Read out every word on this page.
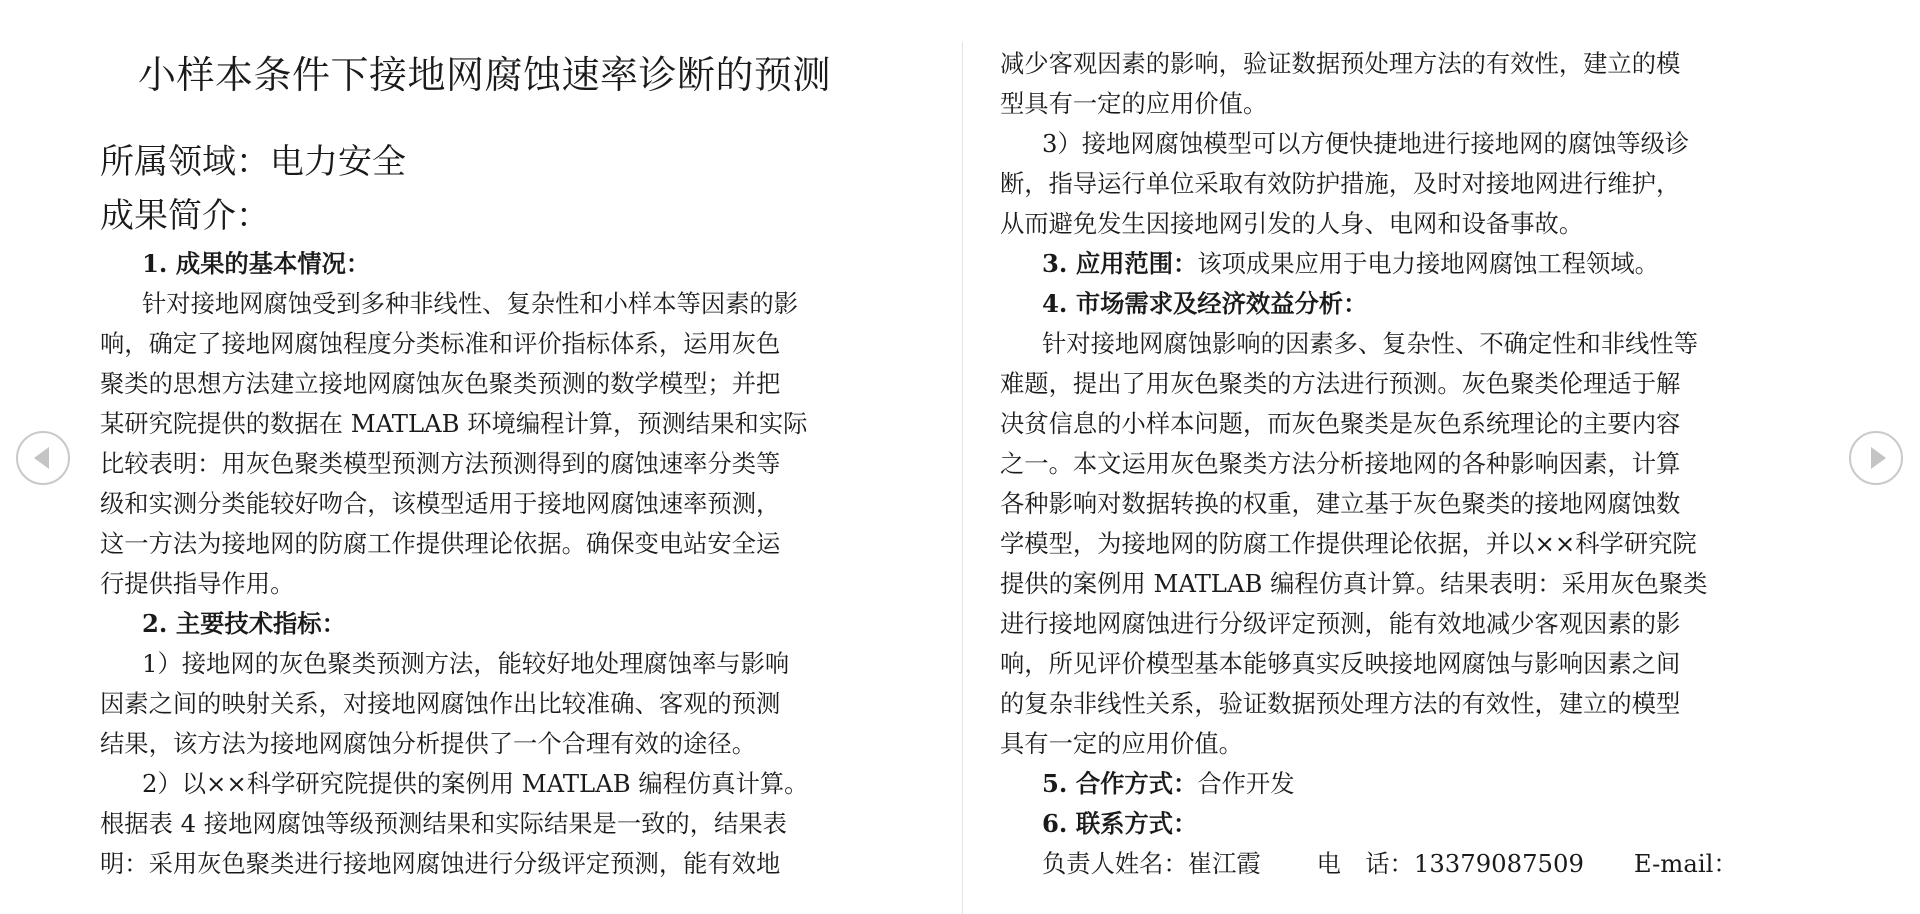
小样本条件下接地网腐蚀速率诊断的预测
所属领域：电力安全
成果简介：
1. 成果的基本情况：
针对接地网腐蚀受到多种非线性、复杂性和小样本等因素的影
响，确定了接地网腐蚀程度分类标准和评价指标体系，运用灰色
聚类的思想方法建立接地网腐蚀灰色聚类预测的数学模型；并把
某研究院提供的数据在 MATLAB 环境编程计算，预测结果和实际
比较表明：用灰色聚类模型预测方法预测得到的腐蚀速率分类等
级和实测分类能较好吻合，该模型适用于接地网腐蚀速率预测，
这一方法为接地网的防腐工作提供理论依据。确保变电站安全运
行提供指导作用。
2. 主要技术指标：
1）接地网的灰色聚类预测方法，能较好地处理腐蚀率与影响
因素之间的映射关系，对接地网腐蚀作出比较准确、客观的预测
结果，该方法为接地网腐蚀分析提供了一个合理有效的途径。
2）以××科学研究院提供的案例用 MATLAB 编程仿真计算。
根据表 4 接地网腐蚀等级预测结果和实际结果是一致的，结果表
明：采用灰色聚类进行接地网腐蚀进行分级评定预测，能有效地
减少客观因素的影响，验证数据预处理方法的有效性，建立的模
型具有一定的应用价值。
3）接地网腐蚀模型可以方便快捷地进行接地网的腐蚀等级诊
断，指导运行单位采取有效防护措施，及时对接地网进行维护，
从而避免发生因接地网引发的人身、电网和设备事故。
3. 应用范围：该项成果应用于电力接地网腐蚀工程领域。
4. 市场需求及经济效益分析：
针对接地网腐蚀影响的因素多、复杂性、不确定性和非线性等
难题，提出了用灰色聚类的方法进行预测。灰色聚类伦理适于解
决贫信息的小样本问题，而灰色聚类是灰色系统理论的主要内容
之一。本文运用灰色聚类方法分析接地网的各种影响因素，计算
各种影响对数据转换的权重，建立基于灰色聚类的接地网腐蚀数
学模型，为接地网的防腐工作提供理论依据，并以××科学研究院
提供的案例用 MATLAB 编程仿真计算。结果表明：采用灰色聚类
进行接地网腐蚀进行分级评定预测，能有效地减少客观因素的影
响，所见评价模型基本能够真实反映接地网腐蚀与影响因素之间
的复杂非线性关系，验证数据预处理方法的有效性，建立的模型
具有一定的应用价值。
5. 合作方式：合作开发
6. 联系方式：
负责人姓名：崔江霞 电　话：13379087509 E-mail：
